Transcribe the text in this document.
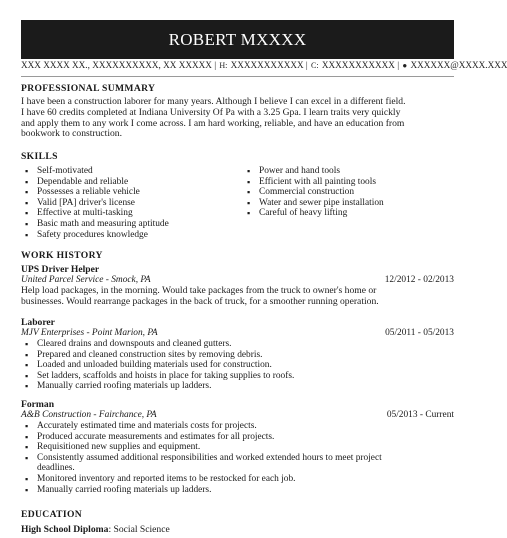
ROBERT MXXXX
XXX XXXX XX., XXXXXXXXXX, XX XXXXX | H: XXXXXXXXXXX | C: XXXXXXXXXXX | ● XXXXXX@XXXX.XXX
PROFESSIONAL SUMMARY
I have been a construction laborer for many years. Although I believe I can excel in a different field.
I have 60 credits completed at Indiana University Of Pa with a 3.25 Gpa. I learn traits very quickly
and apply them to any work I come across. I am hard working, reliable, and have an education from
bookwork to construction.
SKILLS
▪ Self-motivated
▪ Dependable and reliable
▪ Possesses a reliable vehicle
▪ Valid [PA] driver's license
▪ Effective at multi-tasking
▪ Basic math and measuring aptitude
▪ Safety procedures knowledge
▪ Power and hand tools
▪ Efficient with all painting tools
▪ Commercial construction
▪ Water and sewer pipe installation
▪ Careful of heavy lifting
WORK HISTORY
UPS Driver Helper
United Parcel Service - Smock, PA	12/2012 - 02/2013
Help load packages, in the morning. Would take packages from the truck to owner's home or
businesses. Would rearrange packages in the back of truck, for a smoother running operation.
Laborer
MJV Enterprises - Point Marion, PA	05/2011 - 05/2013
▪ Cleared drains and downspouts and cleaned gutters.
▪ Prepared and cleaned construction sites by removing debris.
▪ Loaded and unloaded building materials used for construction.
▪ Set ladders, scaffolds and hoists in place for taking supplies to roofs.
▪ Manually carried roofing materials up ladders.
Forman
A&B Construction - Fairchance, PA	05/2013 - Current
▪ Accurately estimated time and materials costs for projects.
▪ Produced accurate measurements and estimates for all projects.
▪ Requisitioned new supplies and equipment.
▪ Consistently assumed additional responsibilities and worked extended hours to meet project
deadlines.
▪ Monitored inventory and reported items to be restocked for each job.
▪ Manually carried roofing materials up ladders.
EDUCATION
High School Diploma: Social Science
